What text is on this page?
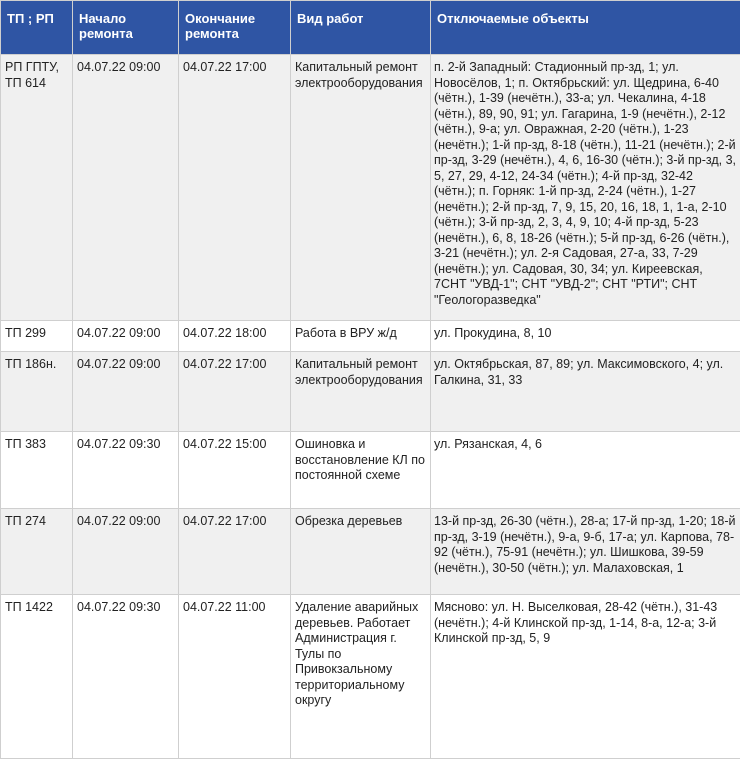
ТП ; РП	Начало ремонта	Окончание ремонта	Вид работ	Отключаемые объекты
РП ГПТУ, ТП 614	04.07.22 09:00	04.07.22 17:00	Капитальный ремонт электрооборудования	п. 2-й Западный: Стадионный пр-зд, 1; ул. Новосёлов, 1; п. Октябрьский: ул. Щедрина, 6-40 (чётн.), 1-39 (нечётн.), 33-а; ул. Чекалина, 4-18 (чётн.), 89, 90, 91; ул. Гагарина, 1-9 (нечётн.), 2-12 (чётн.), 9-а; ул. Овражная, 2-20 (чётн.), 1-23 (нечётн.); 1-й пр-зд, 8-18 (чётн.), 11-21 (нечётн.); 2-й пр-зд, 3-29 (нечётн.), 4, 6, 16-30 (чётн.); 3-й пр-зд, 3, 5, 27, 29, 4-12, 24-34 (чётн.); 4-й пр-зд, 32-42 (чётн.); п. Горняк: 1-й пр-зд, 2-24 (чётн.), 1-27 (нечётн.); 2-й пр-зд, 7, 9, 15, 20, 16, 18, 1, 1-а, 2-10 (чётн.); 3-й пр-зд, 2, 3, 4, 9, 10; 4-й пр-зд, 5-23 (нечётн.), 6, 8, 18-26 (чётн.); 5-й пр-зд, 6-26 (чётн.), 3-21 (нечётн.); ул. 2-я Садовая, 27-а, 33, 7-29 (нечётн.); ул. Садовая, 30, 34; ул. Киреевская, 7СНТ "УВД-1"; СНТ "УВД-2"; СНТ "РТИ"; СНТ "Геологоразведка"
ТП 299	04.07.22 09:00	04.07.22 18:00	Работа в ВРУ ж/д	ул. Прокудина, 8, 10
ТП 186н.	04.07.22 09:00	04.07.22 17:00	Капитальный ремонт электрооборудования	ул. Октябрьская, 87, 89; ул. Максимовского, 4; ул. Галкина, 31, 33
ТП 383	04.07.22 09:30	04.07.22 15:00	Ошиновка и восстановление КЛ по постоянной схеме	ул. Рязанская, 4, 6
ТП 274	04.07.22 09:00	04.07.22 17:00	Обрезка деревьев	13-й пр-зд, 26-30 (чётн.), 28-а; 17-й пр-зд, 1-20; 18-й пр-зд, 3-19 (нечётн.), 9-а, 9-б, 17-а; ул. Карпова, 78-92 (чётн.), 75-91 (нечётн.); ул. Шишкова, 39-59 (нечётн.), 30-50 (чётн.); ул. Малаховская, 1
ТП 1422	04.07.22 09:30	04.07.22 11:00	Удаление аварийных деревьев. Работает Администрация г. Тулы по Привокзальному территориальному округу	Мясново: ул. Н. Выселковая, 28-42 (чётн.), 31-43 (нечётн.); 4-й Клинской пр-зд, 1-14, 8-а, 12-а; 3-й Клинской пр-зд, 5, 9
